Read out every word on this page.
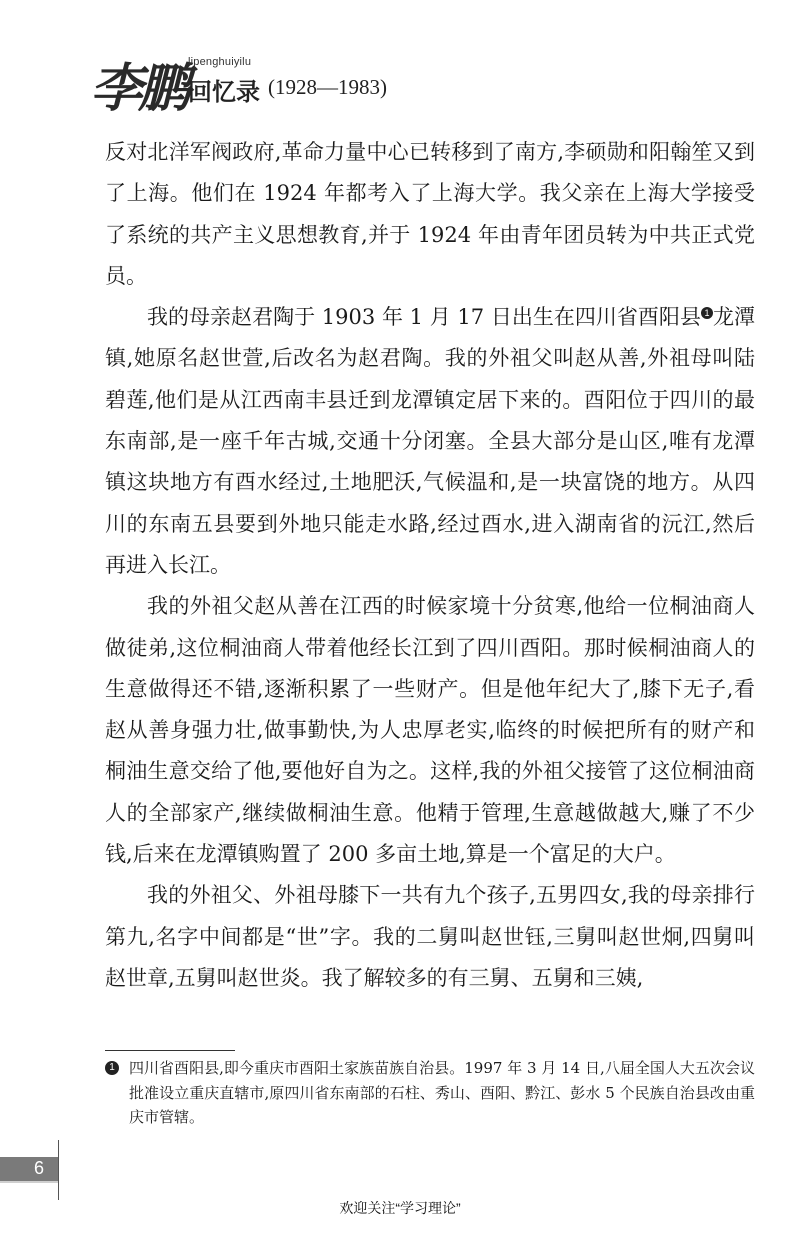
李鹏
lipenghuiyilu
回忆录 (1928—1983)

反对北洋军阀政府,革命力量中心已转移到了南方,李硕勋和阳翰笙又到了上海。他们在 1924 年都考入了上海大学。我父亲在上海大学接受了系统的共产主义思想教育,并于 1924 年由青年团员转为中共正式党员。

我的母亲赵君陶于 1903 年 1 月 17 日出生在四川省酉阳县 1 龙潭镇,她原名赵世萱,后改名为赵君陶。我的外祖父叫赵从善,外祖母叫陆碧莲,他们是从江西南丰县迁到龙潭镇定居下来的。酉阳位于四川的最东南部,是一座千年古城,交通十分闭塞。全县大部分是山区,唯有龙潭镇这块地方有酉水经过,土地肥沃,气候温和,是一块富饶的地方。从四川的东南五县要到外地只能走水路,经过酉水,进入湖南省的沅江,然后再进入长江。

我的外祖父赵从善在江西的时候家境十分贫寒,他给一位桐油商人做徒弟,这位桐油商人带着他经长江到了四川酉阳。那时候桐油商人的生意做得还不错,逐渐积累了一些财产。但是他年纪大了,膝下无子,看赵从善身强力壮,做事勤快,为人忠厚老实,临终的时候把所有的财产和桐油生意交给了他,要他好自为之。这样,我的外祖父接管了这位桐油商人的全部家产,继续做桐油生意。他精于管理,生意越做越大,赚了不少钱,后来在龙潭镇购置了 200 多亩土地,算是一个富足的大户。

我的外祖父、外祖母膝下一共有九个孩子,五男四女,我的母亲排行第九,名字中间都是“世”字。我的二舅叫赵世钰,三舅叫赵世炯,四舅叫赵世章,五舅叫赵世炎。我了解较多的有三舅、五舅和三姨,

1 四川省酉阳县,即今重庆市酉阳土家族苗族自治县。1997 年 3 月 14 日,八届全国人大五次会议批准设立重庆直辖市,原四川省东南部的石柱、秀山、酉阳、黔江、彭水 5 个民族自治县改由重庆市管辖。

6
欢迎关注“学习理论”
